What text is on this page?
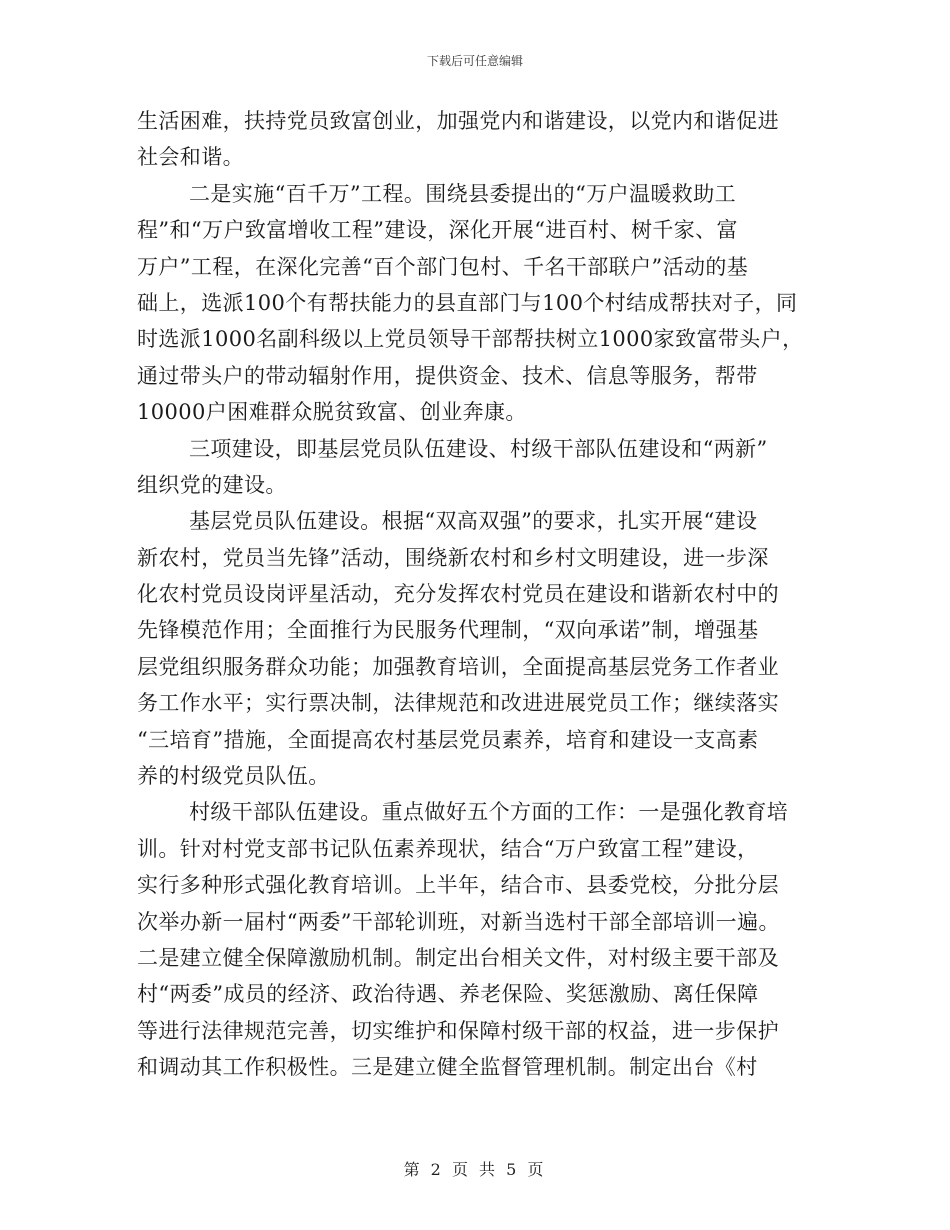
下载后可任意编辑
生活困难，扶持党员致富创业，加强党内和谐建设，以党内和谐促进
社会和谐。
二是实施“百千万”工程。围绕县委提出的“万户温暖救助工
程”和“万户致富增收工程”建设，深化开展“进百村、树千家、富
万户”工程，在深化完善“百个部门包村、千名干部联户”活动的基
础上，选派100个有帮扶能力的县直部门与100个村结成帮扶对子，同
时选派1000名副科级以上党员领导干部帮扶树立1000家致富带头户，
通过带头户的带动辐射作用，提供资金、技术、信息等服务，帮带
10000户困难群众脱贫致富、创业奔康。
三项建设，即基层党员队伍建设、村级干部队伍建设和“两新”
组织党的建设。
基层党员队伍建设。根据“双高双强”的要求，扎实开展“建设
新农村，党员当先锋”活动，围绕新农村和乡村文明建设，进一步深
化农村党员设岗评星活动，充分发挥农村党员在建设和谐新农村中的
先锋模范作用；全面推行为民服务代理制，“双向承诺”制，增强基
层党组织服务群众功能；加强教育培训，全面提高基层党务工作者业
务工作水平；实行票决制，法律规范和改进进展党员工作；继续落实
“三培育”措施，全面提高农村基层党员素养，培育和建设一支高素
养的村级党员队伍。
村级干部队伍建设。重点做好五个方面的工作：一是强化教育培
训。针对村党支部书记队伍素养现状，结合“万户致富工程”建设，
实行多种形式强化教育培训。上半年，结合市、县委党校，分批分层
次举办新一届村“两委”干部轮训班，对新当选村干部全部培训一遍。
二是建立健全保障激励机制。制定出台相关文件，对村级主要干部及
村“两委”成员的经济、政治待遇、养老保险、奖惩激励、离任保障
等进行法律规范完善，切实维护和保障村级干部的权益，进一步保护
和调动其工作积极性。三是建立健全监督管理机制。制定出台《村
第 2 页 共 5 页
